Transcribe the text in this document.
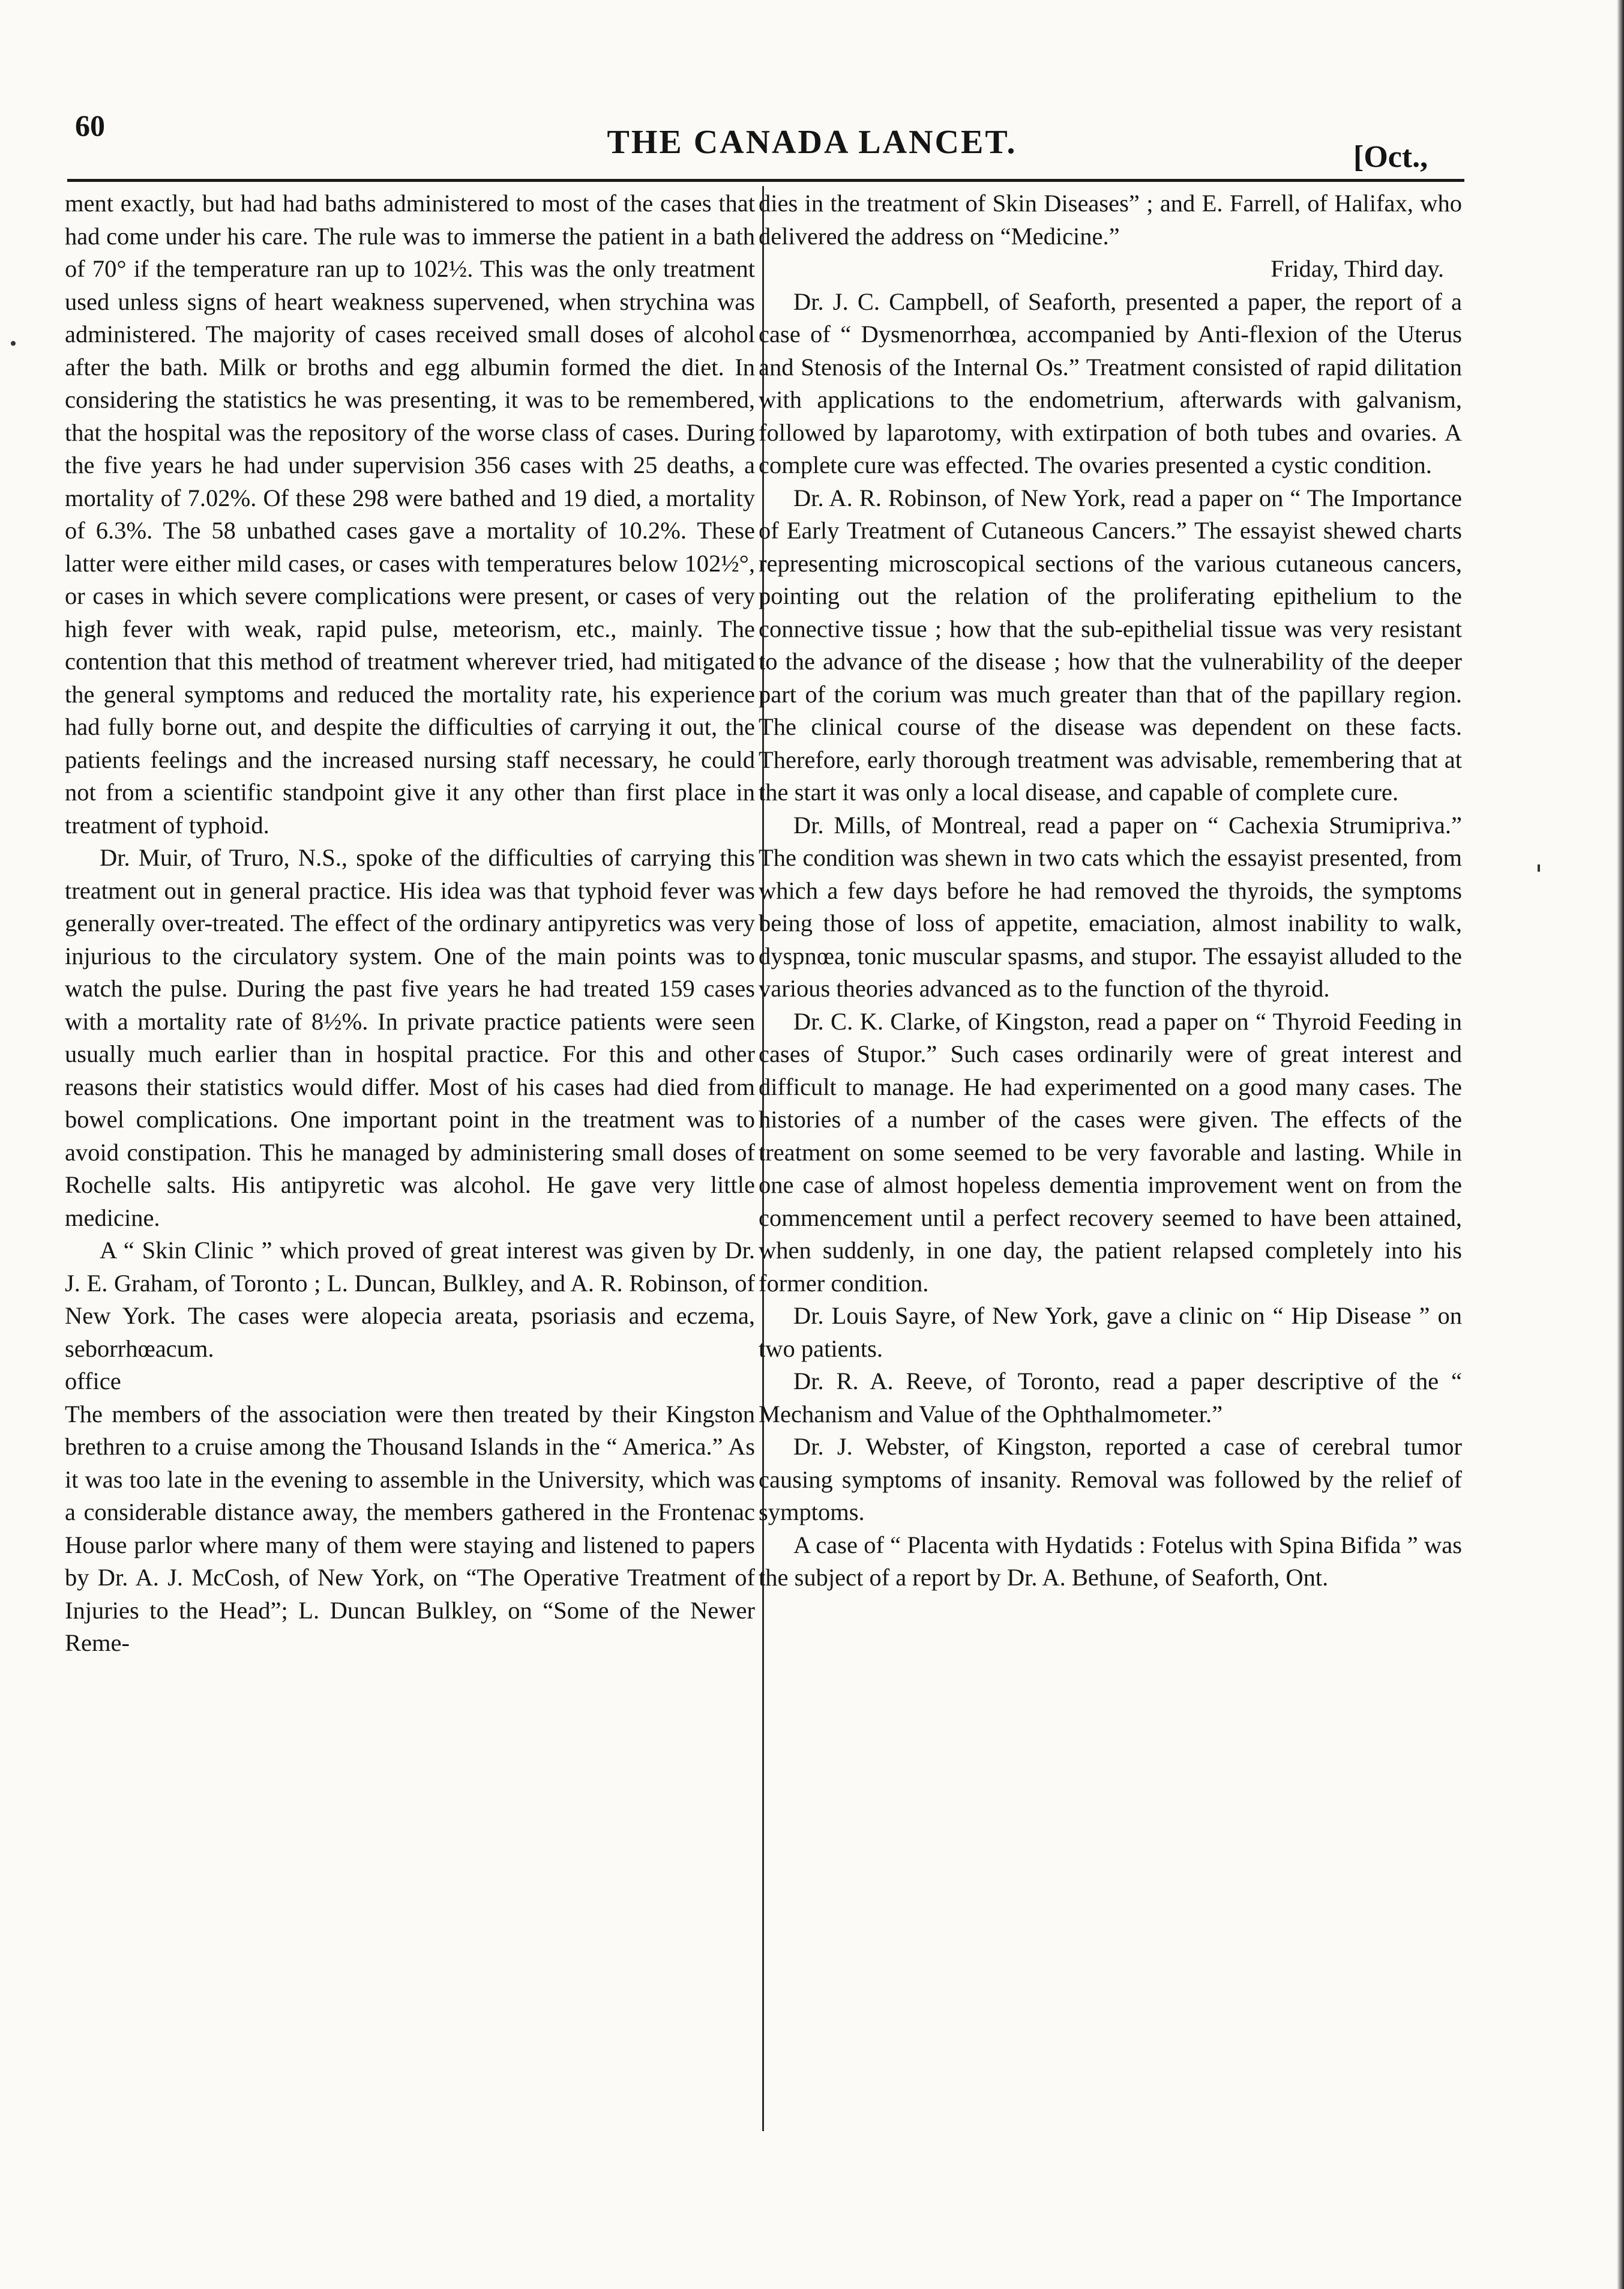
60	THE CANADA LANCET.	[Oct.,

ment exactly, but had had baths administered to most of the cases that had come under his care. The rule was to immerse the patient in a bath of 70° if the temperature ran up to 102½. This was the only treatment used unless signs of heart weakness supervened, when strychina was administered. The majority of cases received small doses of alcohol after the bath. Milk or broths and egg albumin formed the diet. In considering the statistics he was presenting, it was to be remembered, that the hospital was the repository of the worse class of cases. During the five years he had under supervision 356 cases with 25 deaths, a mortality of 7.02%. Of these 298 were bathed and 19 died, a mortality of 6.3%. The 58 unbathed cases gave a mortality of 10.2%. These latter were either mild cases, or cases with temperatures below 102½°, or cases in which severe complications were present, or cases of very high fever with weak, rapid pulse, meteorism, etc., mainly. The contention that this method of treatment wherever tried, had mitigated the general symptoms and reduced the mortality rate, his experience had fully borne out, and despite the difficulties of carrying it out, the patients feelings and the increased nursing staff necessary, he could not from a scientific standpoint give it any other than first place in treatment of typhoid.

Dr. Muir, of Truro, N.S., spoke of the difficulties of carrying this treatment out in general practice. His idea was that typhoid fever was generally over-treated. The effect of the ordinary antipyretics was very injurious to the circulatory system. One of the main points was to watch the pulse. During the past five years he had treated 159 cases with a mortality rate of 8½%. In private practice patients were seen usually much earlier than in hospital practice. For this and other reasons their statistics would differ. Most of his cases had died from bowel complications. One important point in the treatment was to avoid constipation. This he managed by administering small doses of Rochelle salts. His antipyretic was alcohol. He gave very little medicine.

A “ Skin Clinic ” which proved of great interest was given by Dr. J. E. Graham, of Toronto ; L. Duncan, Bulkley, and A. R. Robinson, of New York. The cases were alopecia areata, psoriasis and eczema, seborrhœacum.

office

The members of the association were then treated by their Kingston brethren to a cruise among the Thousand Islands in the “ America.” As it was too late in the evening to assemble in the University, which was a considerable distance away, the members gathered in the Frontenac House parlor where many of them were staying and listened to papers by Dr. A. J. McCosh, of New York, on “The Operative Treatment of Injuries to the Head”; L. Duncan Bulkley, on “Some of the Newer Reme-

dies in the treatment of Skin Diseases” ; and E. Farrell, of Halifax, who delivered the address on “Medicine.”

Friday, Third day.

Dr. J. C. Campbell, of Seaforth, presented a paper, the report of a case of “ Dysmenorrhœa, accompanied by Anti-flexion of the Uterus and Stenosis of the Internal Os.” Treatment consisted of rapid dilitation with applications to the endometrium, afterwards with galvanism, followed by laparotomy, with extirpation of both tubes and ovaries. A complete cure was effected. The ovaries presented a cystic condition.

Dr. A. R. Robinson, of New York, read a paper on “ The Importance of Early Treatment of Cutaneous Cancers.” The essayist shewed charts representing microscopical sections of the various cutaneous cancers, pointing out the relation of the proliferating epithelium to the connective tissue ; how that the sub-epithelial tissue was very resistant to the advance of the disease ; how that the vulnerability of the deeper part of the corium was much greater than that of the papillary region. The clinical course of the disease was dependent on these facts. Therefore, early thorough treatment was advisable, remembering that at the start it was only a local disease, and capable of complete cure.

Dr. Mills, of Montreal, read a paper on “ Cachexia Strumipriva.” The condition was shewn in two cats which the essayist presented, from which a few days before he had removed the thyroids, the symptoms being those of loss of appetite, emaciation, almost inability to walk, dyspnœa, tonic muscular spasms, and stupor. The essayist alluded to the various theories advanced as to the function of the thyroid.

Dr. C. K. Clarke, of Kingston, read a paper on “ Thyroid Feeding in cases of Stupor.” Such cases ordinarily were of great interest and difficult to manage. He had experimented on a good many cases. The histories of a number of the cases were given. The effects of the treatment on some seemed to be very favorable and lasting. While in one case of almost hopeless dementia improvement went on from the commencement until a perfect recovery seemed to have been attained, when suddenly, in one day, the patient relapsed completely into his former condition.

Dr. Louis Sayre, of New York, gave a clinic on “ Hip Disease ” on two patients.

Dr. R. A. Reeve, of Toronto, read a paper descriptive of the “ Mechanism and Value of the Ophthalmometer.”

Dr. J. Webster, of Kingston, reported a case of cerebral tumor causing symptoms of insanity. Removal was followed by the relief of symptoms.

A case of “ Placenta with Hydatids : Fotelus with Spina Bifida ” was the subject of a report by Dr. A. Bethune, of Seaforth, Ont.
